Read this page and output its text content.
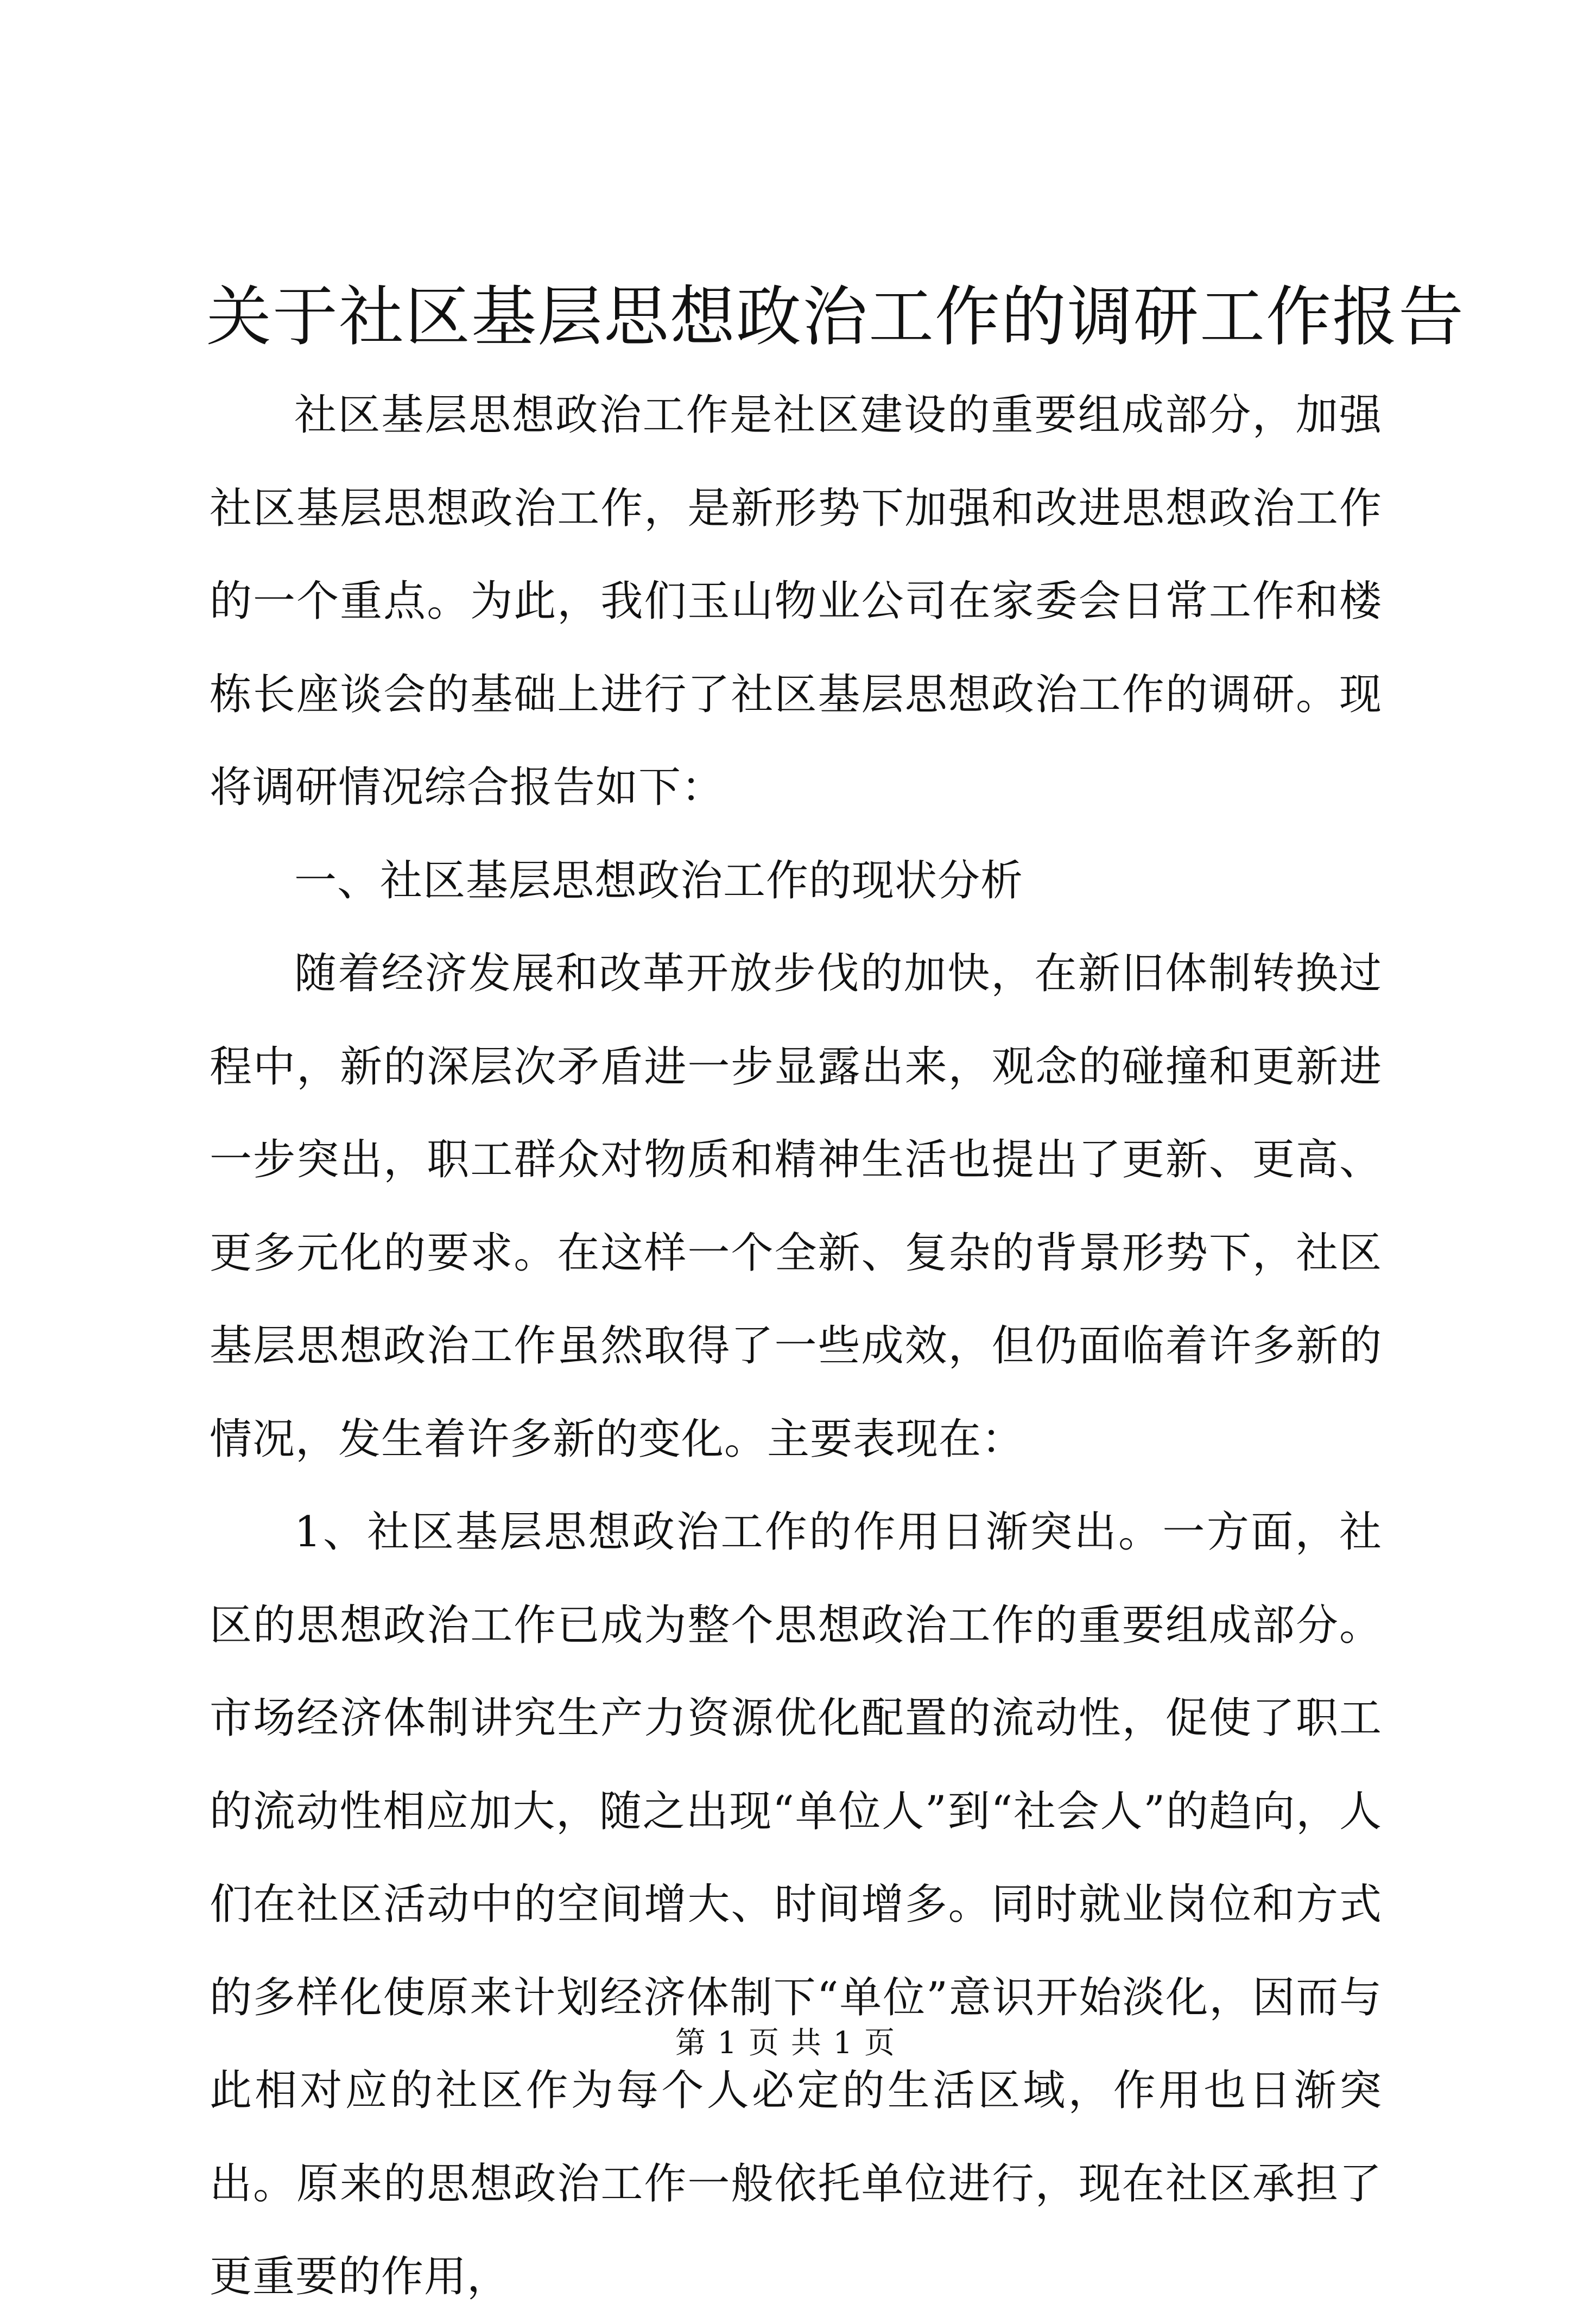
关于社区基层思想政治工作的调研工作报告

社区基层思想政治工作是社区建设的重要组成部分，加强社区基层思想政治工作，是新形势下加强和改进思想政治工作的一个重点。为此，我们玉山物业公司在家委会日常工作和楼栋长座谈会的基础上进行了社区基层思想政治工作的调研。现将调研情况综合报告如下：

一、社区基层思想政治工作的现状分析

随着经济发展和改革开放步伐的加快，在新旧体制转换过程中，新的深层次矛盾进一步显露出来，观念的碰撞和更新进一步突出，职工群众对物质和精神生活也提出了更新、更高、更多元化的要求。在这样一个全新、复杂的背景形势下，社区基层思想政治工作虽然取得了一些成效，但仍面临着许多新的情况，发生着许多新的变化。主要表现在：

1、社区基层思想政治工作的作用日渐突出。一方面，社区的思想政治工作已成为整个思想政治工作的重要组成部分。市场经济体制讲究生产力资源优化配置的流动性，促使了职工的流动性相应加大，随之出现“单位人”到“社会人”的趋向，人们在社区活动中的空间增大、时间增多。同时就业岗位和方式的多样化使原来计划经济体制下“单位”意识开始淡化，因而与此相对应的社区作为每个人必定的生活区域，作用也日渐突出。原来的思想政治工作一般依托单位进行，现在社区承担了更重要的作用，

第 1 页 共 1 页
